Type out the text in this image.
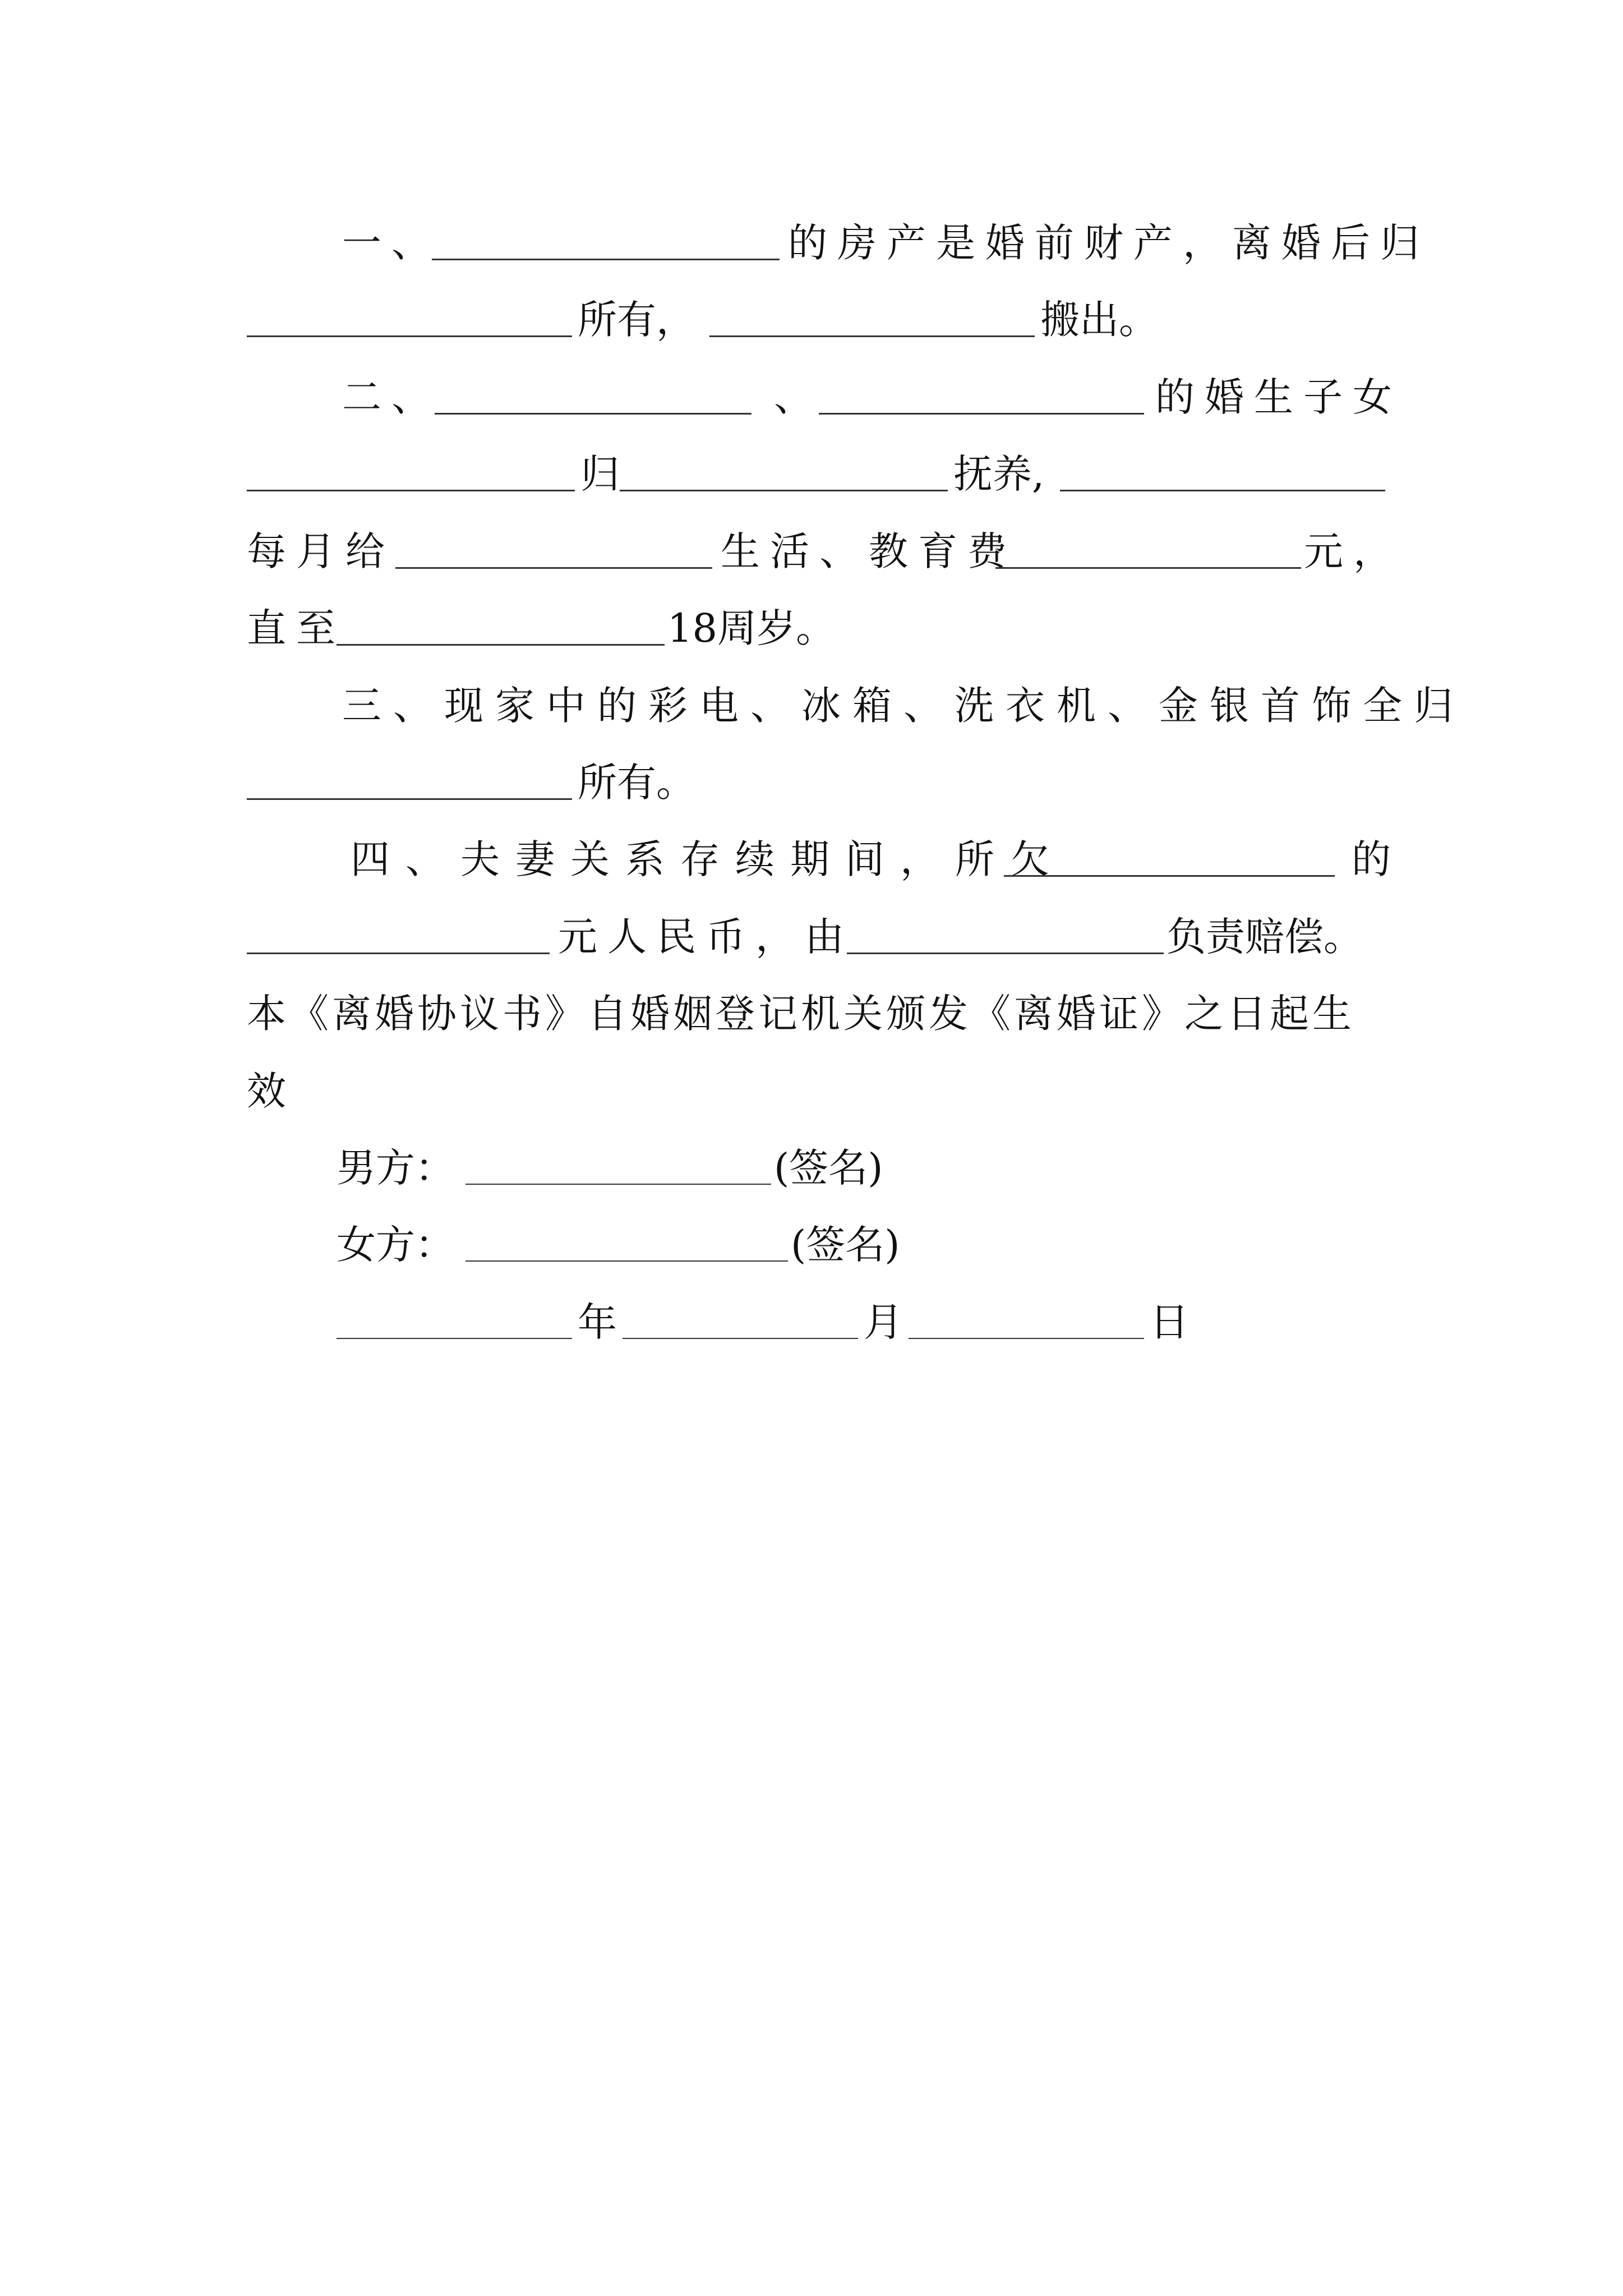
一、	的房产是婚前财产，离婚后归
所有，	搬出。
二、	、	的婚生子女
归	抚养,
每月给	生活、教育费	元，
直至	18周岁。
三、现家中的彩电、冰箱、洗衣机、金银首饰全归
所有。
四、夫妻关系存续期间，所欠	的
元人民币，由	负责赔偿。
本《离婚协议书》自婚姻登记机关颁发《离婚证》之日起生
效
男方：	(签名)
女方：	(签名)
年	月	日
